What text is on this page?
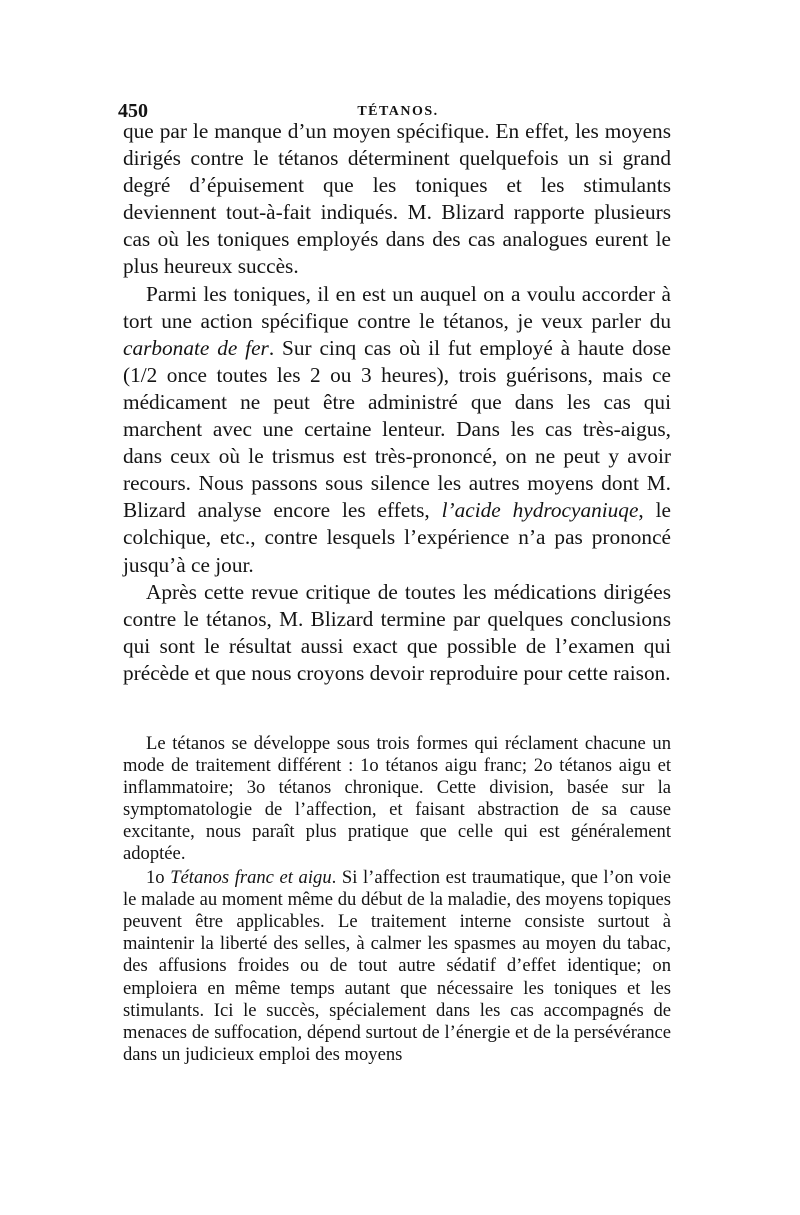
450	TÉTANOS.

que par le manque d’un moyen spécifique. En effet, les moyens dirigés contre le tétanos déterminent quelquefois un si grand degré d’épuisement que les toniques et les stimulants deviennent tout-à-fait indiqués. M. Blizard rapporte plusieurs cas où les toniques employés dans des cas analogues eurent le plus heureux succès.

Parmi les toniques, il en est un auquel on a voulu accorder à tort une action spécifique contre le tétanos, je veux parler du carbonate de fer. Sur cinq cas où il fut employé à haute dose (1/2 once toutes les 2 ou 3 heures), trois guérisons, mais ce médicament ne peut être administré que dans les cas qui marchent avec une certaine lenteur. Dans les cas très-aigus, dans ceux où le trismus est très-prononcé, on ne peut y avoir recours. Nous passons sous silence les autres moyens dont M. Blizard analyse encore les effets, l’acide hydrocyaniuqe, le colchique, etc., contre lesquels l’expérience n’a pas prononcé jusqu’à ce jour.

Après cette revue critique de toutes les médications dirigées contre le tétanos, M. Blizard termine par quelques conclusions qui sont le résultat aussi exact que possible de l’examen qui précède et que nous croyons devoir reproduire pour cette raison.

Le tétanos se développe sous trois formes qui réclament chacune un mode de traitement différent : 1o tétanos aigu franc; 2o tétanos aigu et inflammatoire; 3o tétanos chronique. Cette division, basée sur la symptomatologie de l’affection, et faisant abstraction de sa cause excitante, nous paraît plus pratique que celle qui est généralement adoptée.

1o Tétanos franc et aigu. Si l’affection est traumatique, que l’on voie le malade au moment même du début de la maladie, des moyens topiques peuvent être applicables. Le traitement interne consiste surtout à maintenir la liberté des selles, à calmer les spasmes au moyen du tabac, des affusions froides ou de tout autre sédatif d’effet identique; on emploiera en même temps autant que nécessaire les toniques et les stimulants. Ici le succès, spécialement dans les cas accompagnés de menaces de suffocation, dépend surtout de l’énergie et de la persévérance dans un judicieux emploi des moyens
